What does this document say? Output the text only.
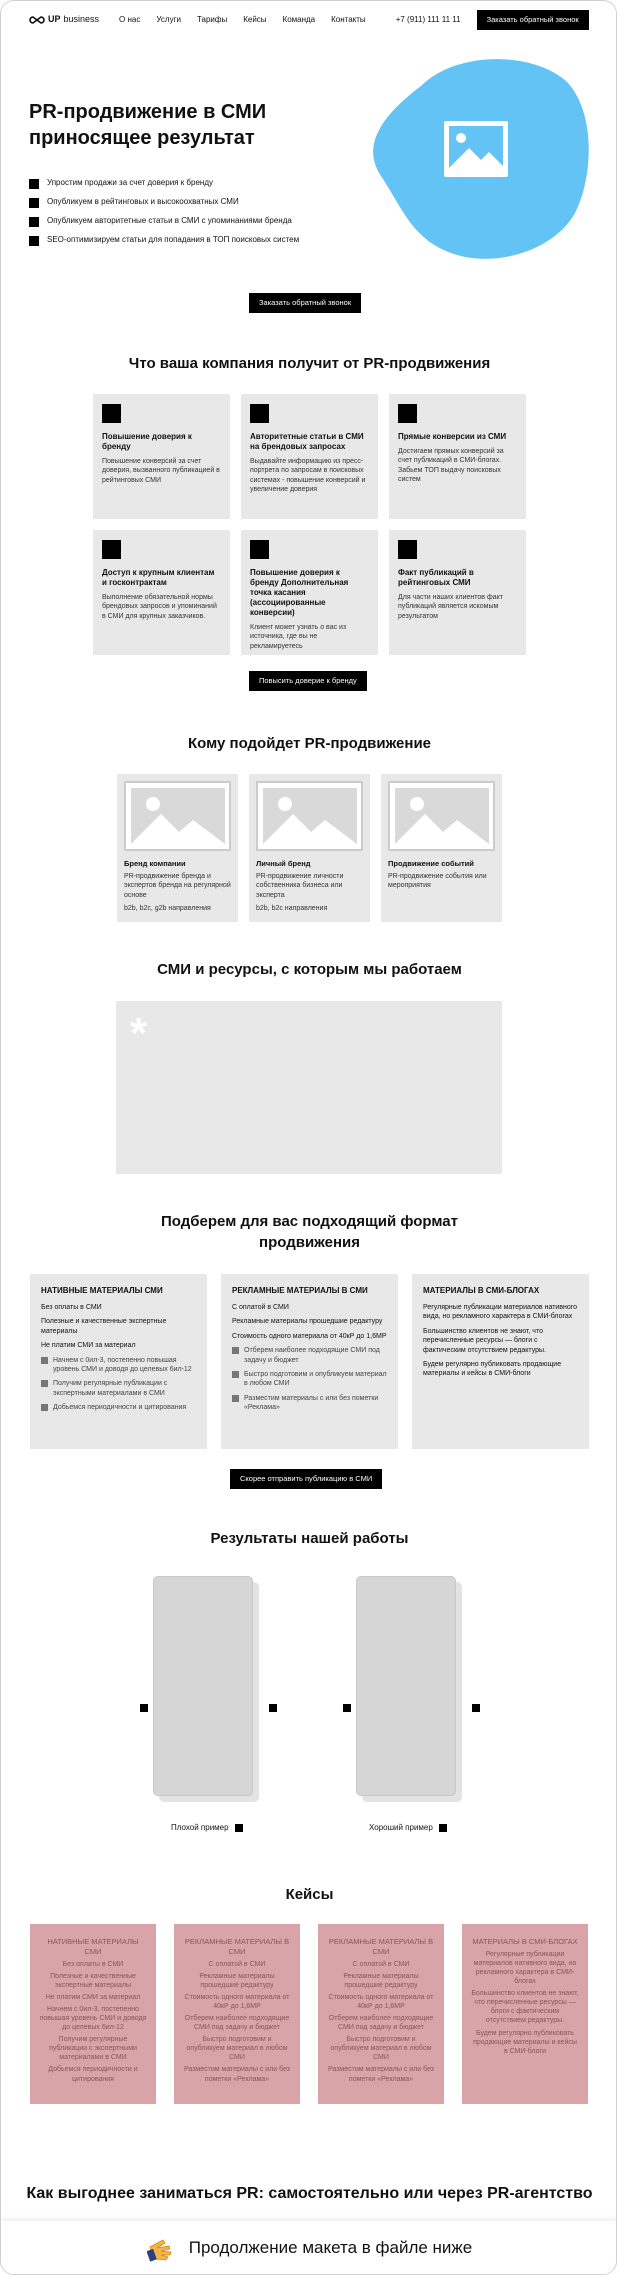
UP business	О нас Услуги Тарифы Кейсы Команда Контакты	+7 (911) 111 11 11	Заказать обратный звонок
PR-продвижение в СМИ приносящее результат
Упростим продажи за счет доверия к бренду
Опубликуем в рейтинговых и высокоохватных СМИ
Опубликуем авторитетные статьи в СМИ с упоминаниями бренда
SEO-оптимизируем статьи для попадания в ТОП поисковых систем
Заказать обратный звонок
Что ваша компания получит от PR-продвижения
Повышение доверия к бренду

Повышение конверсий за счет доверия, вызванного публикацией в рейтинговых СМИ

Авторитетные статьи в СМИ на брендовых запросах

Выдавайте информацию из пресс-портрета по запросам в поисковых системах - повышение конверсий и увеличение доверия

Прямые конверсии из СМИ

Достигаем прямых конверсий за счет публикаций в СМИ-блогах. Забьем ТОП выдачу поисковых систем

Доступ к крупным клиентам и госконтрактам

Выполнение обязательной нормы брендовых запросов и упоминаний в СМИ для крупных заказчиков.

Повышение доверия к бренду Дополнительная точка касания (ассоциированные конверсии)

Клиент может узнать о вас из источника, где вы не рекламируетесь

Факт публикаций в рейтинговых СМИ

Для части наших клиентов факт публикаций является искомым результатом

Повысить доверие к бренду
Кому подойдет PR-продвижение
Бренд компании

PR-продвижение бренда и экспертов бренда на регулярной основе

b2b, b2c, g2b направления

Личный бренд

PR-продвижение личности собственника бизнеса или эксперта

b2b, b2c направления

Продвижение событий

PR-продвижение события или мероприятия

СМИ и ресурсы, с которым мы работаем
*
Подберем для вас подходящий формат продвижения
НАТИВНЫЕ МАТЕРИАЛЫ СМИ

Без оплаты в СМИ

Полезные и качественные экспертные материалы

Не платим СМИ за материал

Начнем с 0ил-3, постепенно повышая уровень СМИ и доводя до целевых 6ил-12
Получим регулярные публикации с экспертными материалами в СМИ
Добьемся периодичности и цитирования
РЕКЛАМНЫЕ МАТЕРИАЛЫ В СМИ

С оплатой в СМИ

Рекламные материалы прошедшие редактуру

Стоимость одного материала от 40кР до 1,6МР

Отберем наиболее подходящие СМИ под задачу и бюджет
Быстро подготовим и опубликуем материал в любом СМИ
Разместим материалы с или без пометки «Реклама»
МАТЕРИАЛЫ В СМИ-БЛОГАХ

Регулярные публикации материалов нативного вида, но рекламного характера в СМИ-блогах

Большинство клиентов не знают, что перечисленные ресурсы — блоги с фактическим отсутствием редактуры.

Будем регулярно публиковать продающие материалы и кейсы в СМИ-блоги

Скорее отправить публикацию в СМИ
Результаты нашей работы
Плохой пример	Хороший пример
Кейсы
НАТИВНЫЕ МАТЕРИАЛЫ СМИ

Без оплаты в СМИ

Полезные и качественные экспертные материалы

Не платим СМИ за материал

Начнем с 0ил-3, постепенно повышая уровень СМИ и доводя до целевых 6ил-12

Получим регулярные публикации с экспертными материалами в СМИ

Добьемся периодичности и цитирования

РЕКЛАМНЫЕ МАТЕРИАЛЫ В СМИ

С оплатой в СМИ

Рекламные материалы прошедшие редактуру

Стоимость одного материала от 40кР до 1,6МР

Отберем наиболее подходящие СМИ под задачу и бюджет

Быстро подготовим и опубликуем материал в любом СМИ

Разместим материалы с или без пометки «Реклама»

РЕКЛАМНЫЕ МАТЕРИАЛЫ В СМИ

С оплатой в СМИ

Рекламные материалы прошедшие редактуру

Стоимость одного материала от 40кР до 1,6МР

Отберем наиболее подходящие СМИ под задачу и бюджет

Быстро подготовим и опубликуем материал в любом СМИ

Разместим материалы с или без пометки «Реклама»

МАТЕРИАЛЫ В СМИ-БЛОГАХ

Регулярные публикации материалов нативного вида, но рекламного характера в СМИ-блогах

Большинство клиентов не знают, что перечисленные ресурсы — блоги с фактическим отсутствием редактуры.

Будем регулярно публиковать продающие материалы и кейсы в СМИ-блоги

Как выгоднее заниматься PR: самостоятельно или через PR-агентство
Продолжение макета в файле ниже
